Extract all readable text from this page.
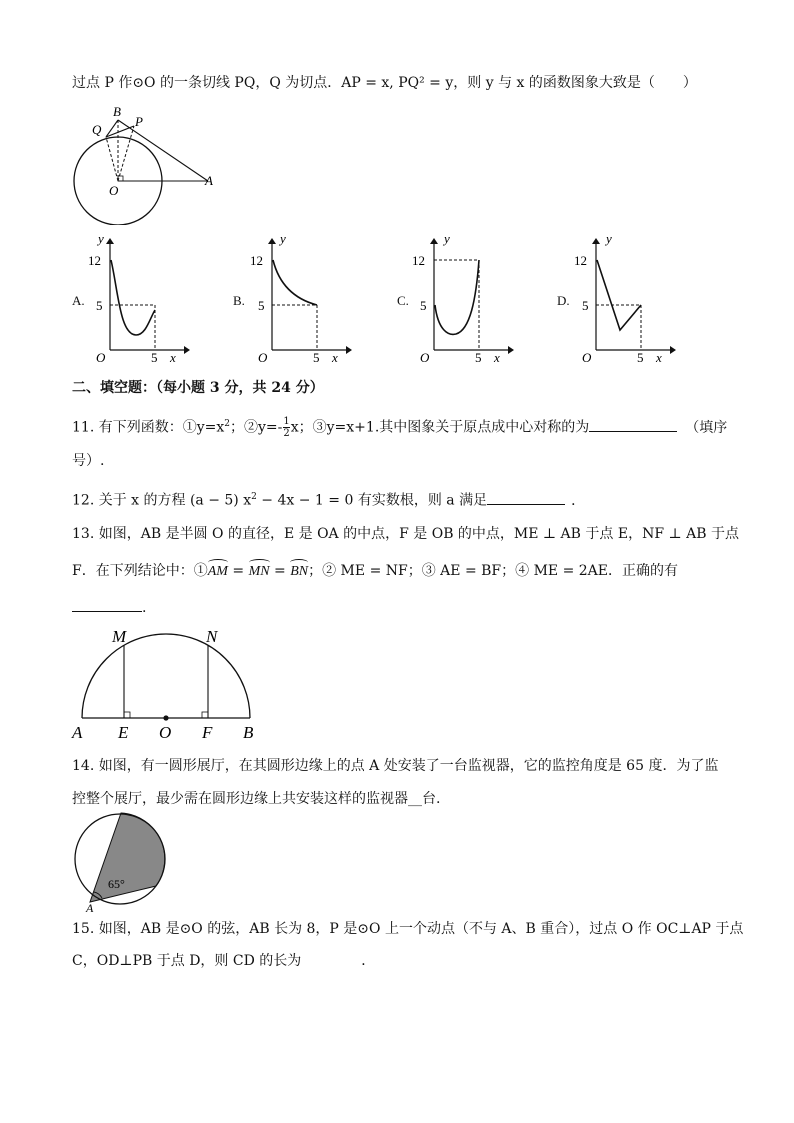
过点 P 作⊙O 的一条切线 PQ，Q 为切点．AP = x, PQ² = y，则 y 与 x 的函数图象大致是（　　）
B
Q
P
O
A
A.
y
12
5
O	5 x
B.
y
12
5
O	5 x
C.
y
12
5
O	5 x
D.
y
12
5
O	5 x
二、填空题：（每小题 3 分，共 24 分）
11. 有下列函数：$①y=x^2$；②y=- $\frac{1}{2}$ x；③y=x+1.其中图象关于原点成中心对称的为	（填序
号）.
12. 关于 x 的方程 (a − 5) $x^2 - 4x - 1 = 0$ 有实数根，则 a 满足	．
13. 如图，AB 是半圆 O 的直径，E 是 OA 的中点，F 是 OB 的中点，ME ⊥ AB 于点 E，NF ⊥ AB 于点
F．在下列结论中：①AM = MN = BN；② ME = NF；③ AE = BF；④ ME = 2AE．正确的有
.
M	N
A E O F B
14. 如图，有一圆形展厅，在其圆形边缘上的点 A 处安装了一台监视器，它的监控角度是 65 度．为了监
控整个展厅，最少需在圆形边缘上共安装这样的监视器__台.
65°
A
15. 如图，AB 是⊙O 的弦，AB 长为 8，P 是⊙O 上一个动点（不与 A、B 重合），过点 O 作 OC⊥AP 于点
C，OD⊥PB 于点 D，则 CD 的长为	．
